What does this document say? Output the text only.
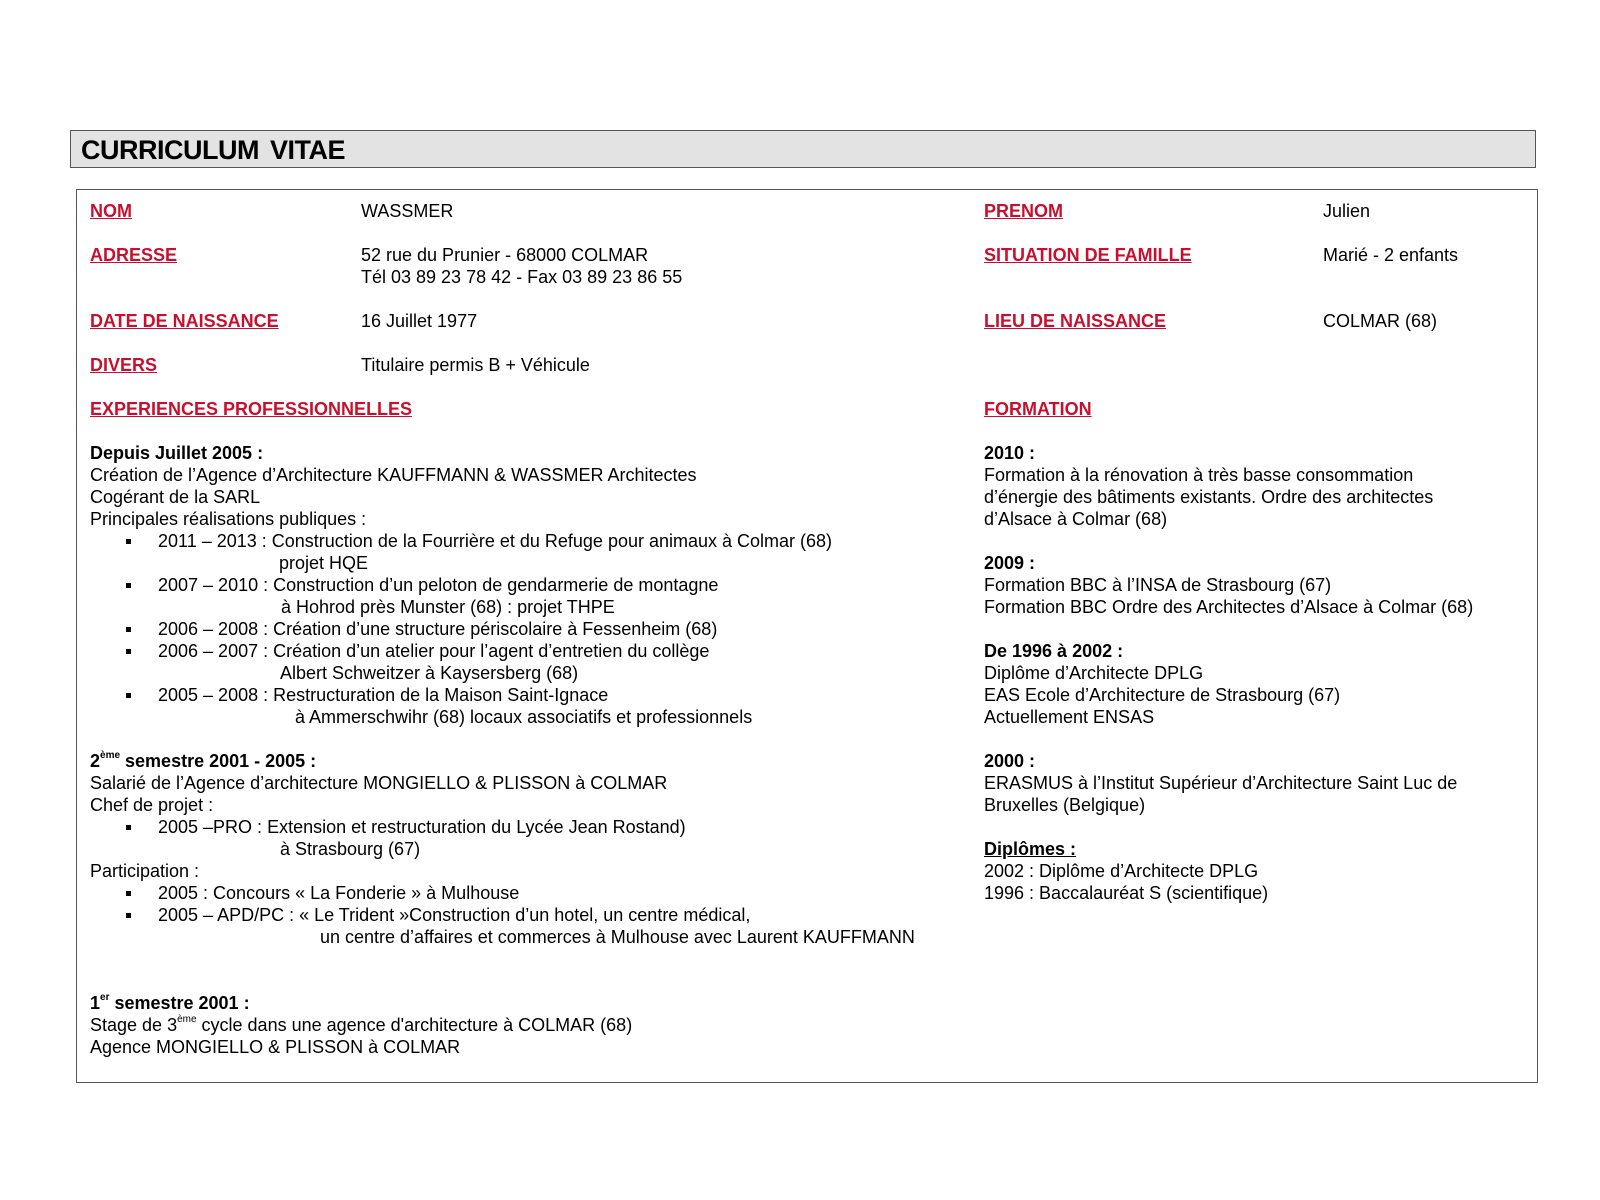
CURRICULUM VITAE
NOM	WASSMER	PRENOM	Julien
ADRESSE	52 rue du Prunier - 68000 COLMAR
Tél 03 89 23 78 42 - Fax 03 89 23 86 55
SITUATION DE FAMILLE	Marié - 2 enfants
DATE DE NAISSANCE	16 Juillet 1977	LIEU DE NAISSANCE	COLMAR (68)
DIVERS	Titulaire permis B + Véhicule
EXPERIENCES PROFESSIONNELLES
Depuis Juillet 2005 :
Création de l’Agence d’Architecture KAUFFMANN & WASSMER Architectes
Cogérant de la SARL
Principales réalisations publiques :
2011 – 2013 : Construction de la Fourrière et du Refuge pour animaux à Colmar (68)
projet HQE
2007 – 2010 : Construction d’un peloton de gendarmerie de montagne
à Hohrod près Munster (68) : projet THPE
2006 – 2008 : Création d’une structure périscolaire à Fessenheim (68)
2006 – 2007 : Création d’un atelier pour l’agent d’entretien du collège
Albert Schweitzer à Kaysersberg (68)
2005 – 2008 : Restructuration de la Maison Saint-Ignace
à Ammerschwihr (68) locaux associatifs et professionnels
2ème semestre 2001 - 2005 :
Salarié de l’Agence d’architecture MONGIELLO & PLISSON à COLMAR
Chef de projet :
2005 –PRO : Extension et restructuration du Lycée Jean Rostand)
à Strasbourg (67)
Participation :
2005 : Concours « La Fonderie » à Mulhouse
2005 – APD/PC : « Le Trident »Construction d’un hotel, un centre médical,
un centre d’affaires et commerces à Mulhouse avec Laurent KAUFFMANN
1er semestre 2001 :
Stage de 3ème cycle dans une agence d'architecture à COLMAR (68)
Agence MONGIELLO & PLISSON à COLMAR
FORMATION
2010 :
Formation à la rénovation à très basse consommation
d’énergie des bâtiments existants. Ordre des architectes
d’Alsace à Colmar (68)
2009 :
Formation BBC à l’INSA de Strasbourg (67)
Formation BBC Ordre des Architectes d’Alsace à Colmar (68)
De 1996 à 2002 :
Diplôme d’Architecte DPLG
EAS Ecole d’Architecture de Strasbourg (67)
Actuellement ENSAS
2000 :
ERASMUS à l’Institut Supérieur d’Architecture Saint Luc de
Bruxelles (Belgique)
Diplômes :
2002 : Diplôme d’Architecte DPLG
1996 : Baccalauréat S (scientifique)
